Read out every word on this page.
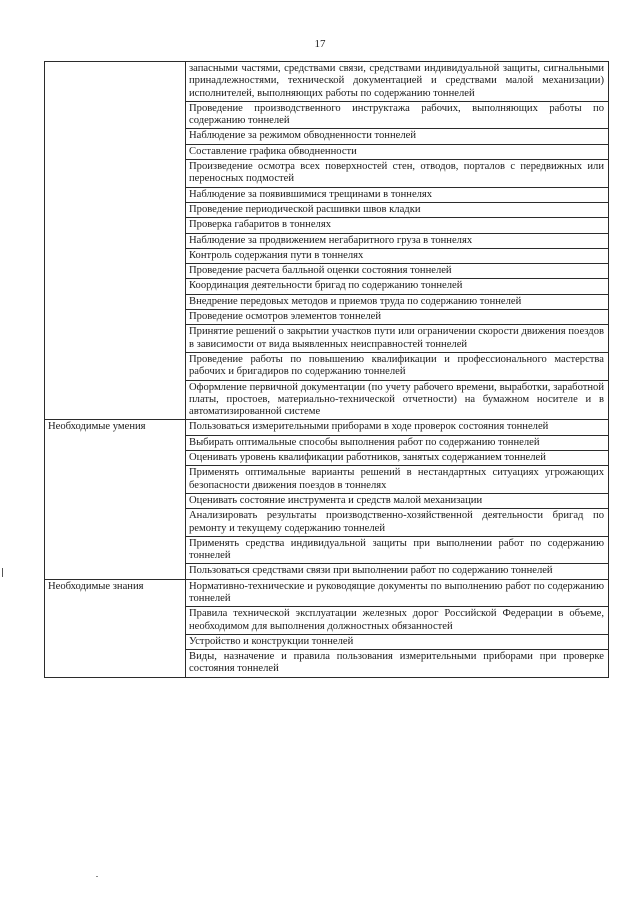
17
	запасными частями, средствами связи, средствами индивидуальной защиты, сигнальными принадлежностями, технической документацией и средствами малой механизации) исполнителей, выполняющих работы по содержанию тоннелей
	Проведение производственного инструктажа рабочих, выполняющих работы по содержанию тоннелей
	Наблюдение за режимом обводненности тоннелей
	Составление графика обводненности
	Произведение осмотра всех поверхностей стен, отводов, порталов с передвижных или переносных подмостей
	Наблюдение за появившимися трещинами в тоннелях
	Проведение периодической расшивки швов кладки
	Проверка габаритов в тоннелях
	Наблюдение за продвижением негабаритного груза в тоннелях
	Контроль содержания пути в тоннелях
	Проведение расчета балльной оценки состояния тоннелей
	Координация деятельности бригад по содержанию тоннелей
	Внедрение передовых методов и приемов труда по содержанию тоннелей
	Проведение осмотров элементов тоннелей
	Принятие решений о закрытии участков пути или ограничении скорости движения поездов в зависимости от вида выявленных неисправностей тоннелей
	Проведение работы по повышению квалификации и профессионального мастерства рабочих и бригадиров по содержанию тоннелей
	Оформление первичной документации (по учету рабочего времени, выработки, заработной платы, простоев, материально-технической отчетности) на бумажном носителе и в автоматизированной системе
Необходимые умения	Пользоваться измерительными приборами в ходе проверок состояния тоннелей
	Выбирать оптимальные способы выполнения работ по содержанию тоннелей
	Оценивать уровень квалификации работников, занятых содержанием тоннелей
	Применять оптимальные варианты решений в нестандартных ситуациях угрожающих безопасности движения поездов в тоннелях
	Оценивать состояние инструмента и средств малой механизации
	Анализировать результаты производственно-хозяйственной деятельности бригад по ремонту и текущему содержанию тоннелей
	Применять средства индивидуальной защиты при выполнении работ по содержанию тоннелей
	Пользоваться средствами связи при выполнении работ по содержанию тоннелей
Необходимые знания	Нормативно-технические и руководящие документы по выполнению работ по содержанию тоннелей
	Правила технической эксплуатации железных дорог Российской Федерации в объеме, необходимом для выполнения должностных обязанностей
	Устройство и конструкции тоннелей
	Виды, назначение и правила пользования измерительными приборами при проверке состояния тоннелей
